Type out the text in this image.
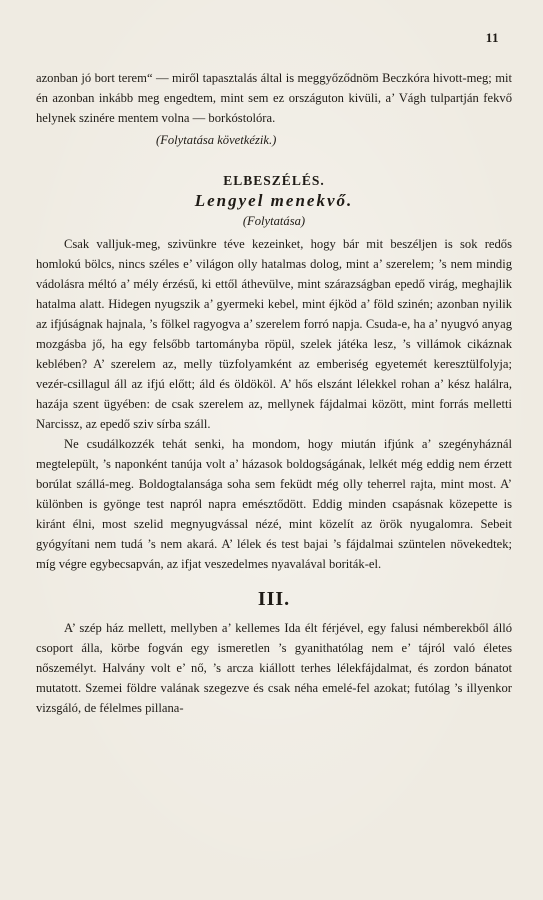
11

azonban jó bort terem“ — miről tapasztalás által is meggyőződnöm Beczkóra hivott-meg; mit én azonban inkább meg engedtem, mint sem ez országuton kivüli, a’ Vágh tulpartján fekvő helynek szinére mentem volna — borkóstolóra.

(Folytatása követkézik.)

ELBESZÉLÉS.

Lengyel menekvő.

(Folytatása)

Csak valljuk-meg, szivünkre téve kezeinket, hogy bár mit beszéljen is sok redős homlokú bölcs, nincs széles e’ világon olly hatalmas dolog, mint a’ szerelem; ’s nem mindig vádolásra méltó a’ mély érzésű, ki ettől áthevülve, mint szárazságban epedő virág, meghajlik hatalma alatt. Hidegen nyugszik a’ gyermeki kebel, mint éjköd a’ föld szinén; azonban nyilik az ifjúságnak hajnala, ’s fölkel ragyogva a’ szerelem forró napja. Csuda-e, ha a’ nyugvó anyag mozgásba jő, ha egy felsőbb tartományba röpül, szelek játéka lesz, ’s villámok cikáznak keblében? A’ szerelem az, melly tüzfolyamként az emberiség egyetemét keresztülfolyja; vezér-csillagul áll az ifjú előtt; áld és öldököl. A’ hős elszánt lélekkel rohan a’ kész halálra, hazája szent ügyében: de csak szerelem az, mellynek fájdalmai között, mint forrás melletti Narcissz, az epedő sziv sírba száll.

Ne csudálkozzék tehát senki, ha mondom, hogy miután ifjúnk a’ szegényháznál megtelepült, ’s naponként tanúja volt a’ házasok boldogságának, lelkét még eddig nem érzett borúlat szállá-meg. Boldogtalansága soha sem feküdt még olly teherrel rajta, mint most. A’ különben is gyönge test napról napra emésztődött. Eddig minden csapásnak közepette is kiránt élni, most szelid megnyugvással nézé, mint közelít az örök nyugalomra. Sebeit gyógyítani nem tudá ’s nem akará. A’ lélek és test bajai ’s fájdalmai szüntelen növekedtek; míg végre egybecsapván, az ifjat veszedelmes nyavalával boriták-el.

III.

A’ szép ház mellett, mellyben a’ kellemes Ida élt férjével, egy falusi némberekből álló csoport álla, körbe fogván egy ismeretlen ’s gyanithatólag nem e’ tájról való életes nőszemélyt. Halvány volt e’ nő, ’s arcza kiállott terhes lélekfájdalmat, és zordon bánatot mutatott. Szemei földre valának szegezve és csak néha emelé-fel azokat; futólag ’s illyenkor vizsgáló, de félelmes pillana-
